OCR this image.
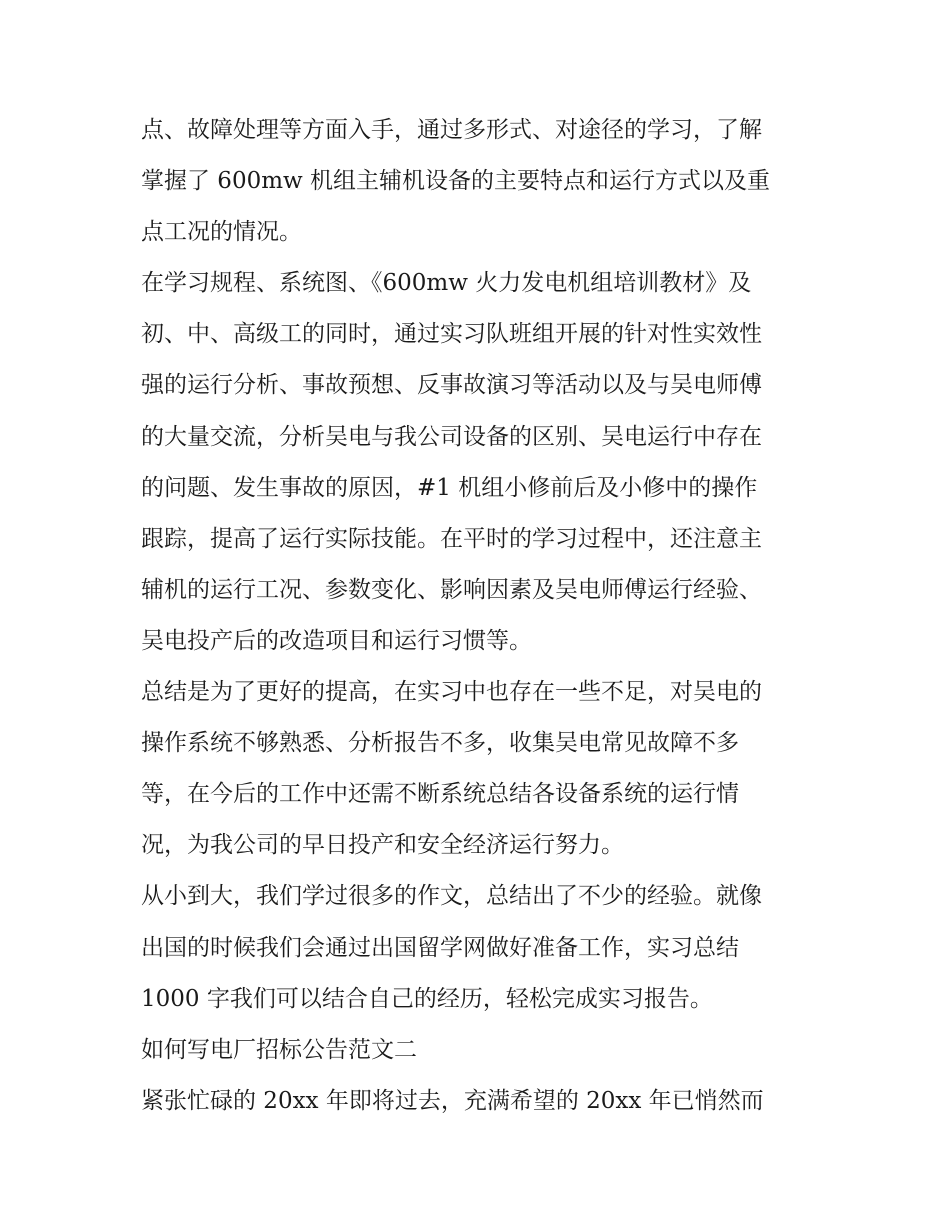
点、故障处理等方面入手，通过多形式、对途径的学习，了解
掌握了 600mw 机组主辅机设备的主要特点和运行方式以及重
点工况的情况。
在学习规程、系统图、《600mw 火力发电机组培训教材》及
初、中、高级工的同时，通过实习队班组开展的针对性实效性
强的运行分析、事故预想、反事故演习等活动以及与吴电师傅
的大量交流，分析吴电与我公司设备的区别、吴电运行中存在
的问题、发生事故的原因，#1 机组小修前后及小修中的操作
跟踪，提高了运行实际技能。在平时的学习过程中，还注意主
辅机的运行工况、参数变化、影响因素及吴电师傅运行经验、
吴电投产后的改造项目和运行习惯等。
总结是为了更好的提高，在实习中也存在一些不足，对吴电的
操作系统不够熟悉、分析报告不多，收集吴电常见故障不多
等，在今后的工作中还需不断系统总结各设备系统的运行情
况，为我公司的早日投产和安全经济运行努力。
从小到大，我们学过很多的作文，总结出了不少的经验。就像
出国的时候我们会通过出国留学网做好准备工作，实习总结
1000 字我们可以结合自己的经历，轻松完成实习报告。
如何写电厂招标公告范文二
紧张忙碌的 20xx 年即将过去，充满希望的 20xx 年已悄然而
